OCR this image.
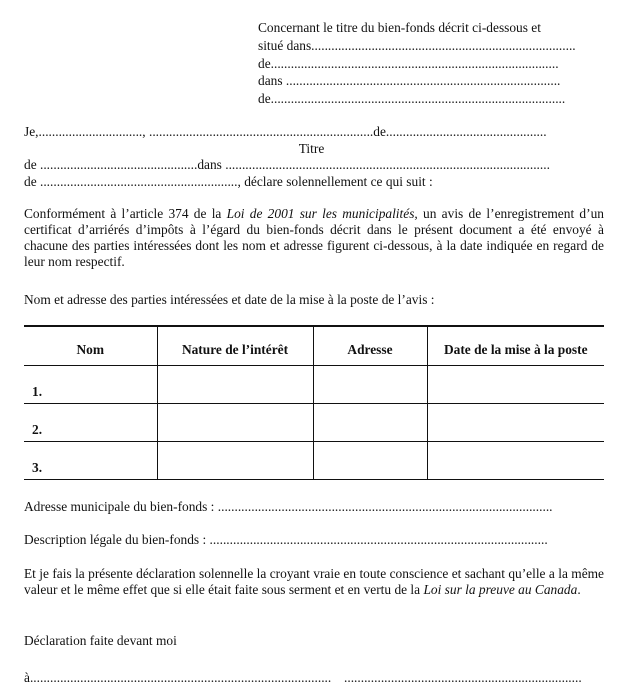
Concernant le titre du bien-fonds décrit ci-dessous et
situé dans...............................................................................
de......................................................................................
dans ..................................................................................
de........................................................................................
Je,..............................., ...................................................................de................................................
Titre
de ...............................................dans .................................................................................................
de ..........................................................., déclare solennellement ce qui suit :

Conformément à l’article 374 de la Loi de 2001 sur les municipalités, un avis de l’enregistrement d’un certificat d’arriérés d’impôts à l’égard du bien-fonds décrit dans le présent document a été envoyé à chacune des parties intéressées dont les nom et adresse figurent ci-dessous, à la date indiquée en regard de leur nom respectif.

Nom et adresse des parties intéressées et date de la mise à la poste de l’avis :
Nom	Nature de l’intérêt	Adresse	Date de la mise à la poste
1.			
2.			
3.			
Adresse municipale du bien-fonds : ....................................................................................................
Description légale du bien-fonds : .....................................................................................................

Et je fais la présente déclaration solennelle la croyant vraie en toute conscience et sachant qu’elle a la même valeur et le même effet que si elle était faite sous serment et en vertu de la Loi sur la preuve au Canada.

Déclaration faite devant moi
à.......................................................................................... .......................................................................
